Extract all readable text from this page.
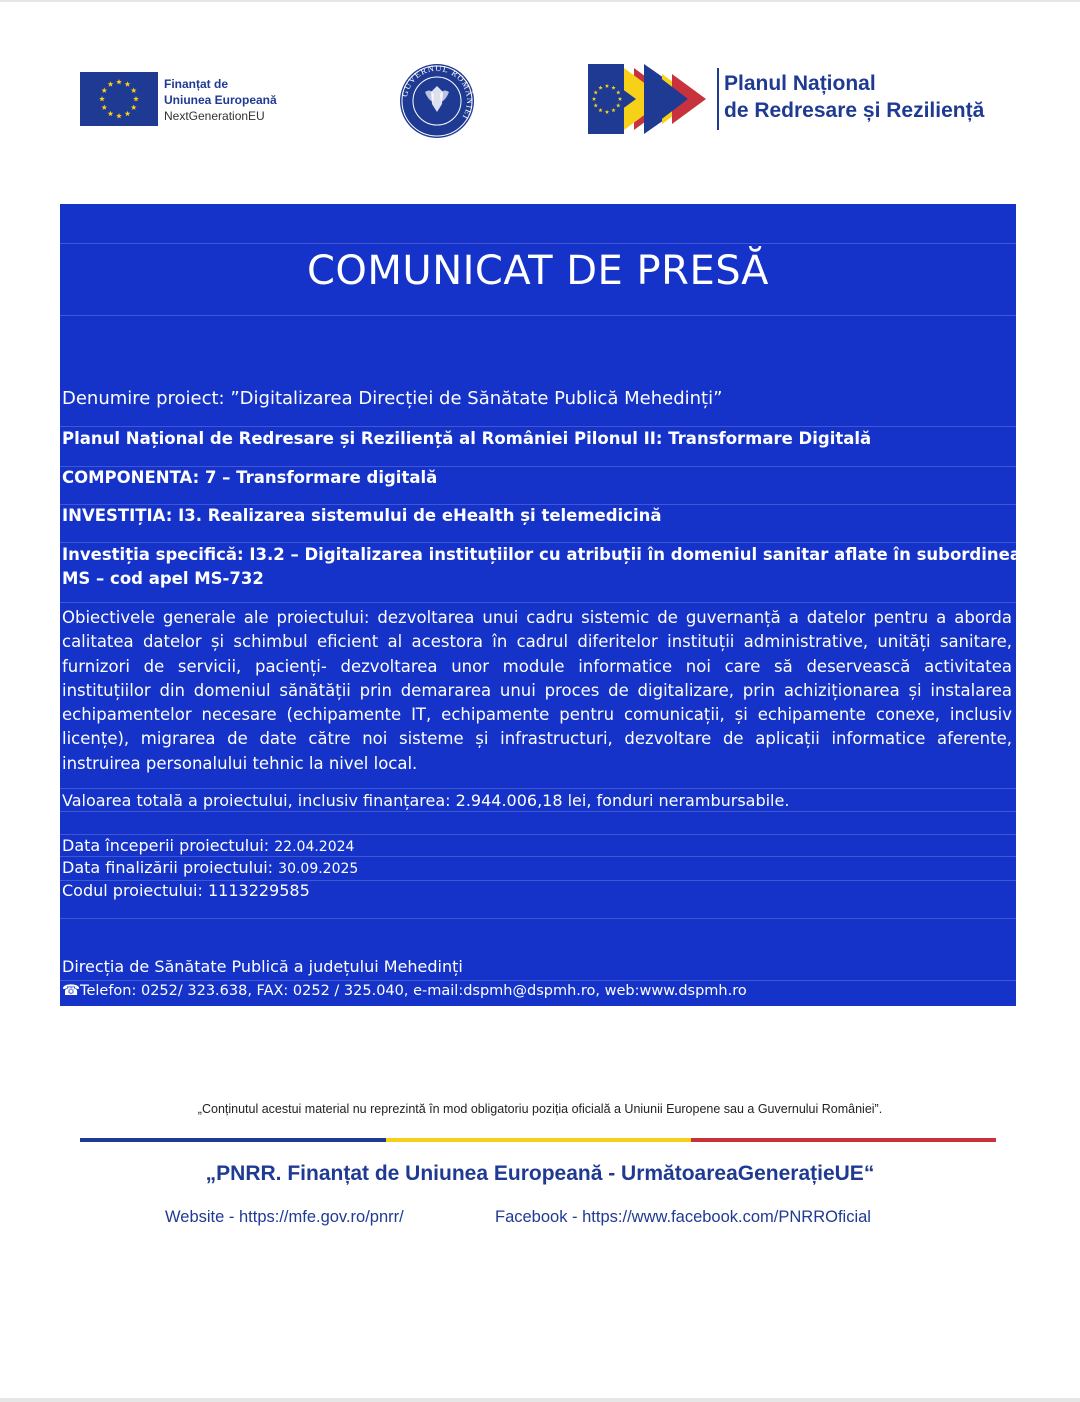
Finanțat de
Uniunea Europeană
NextGenerationEU
GUVERNUL ROMÂNIEI
Planul Național
de Redresare și Reziliență
COMUNICAT DE PRESĂ
Denumire proiect: ”Digitalizarea Direcției de Sănătate Publică Mehedinți”
Planul Național de Redresare și Reziliență al României Pilonul II: Transformare Digitală
COMPONENTA: 7 – Transformare digitală
INVESTIȚIA: I3. Realizarea sistemului de eHealth și telemedicină
Investiția specifică: I3.2 – Digitalizarea instituțiilor cu atribuții în domeniul sanitar aflate în subordinea
MS – cod apel MS-732
Obiectivele generale ale proiectului: dezvoltarea unui cadru sistemic de guvernanță a datelor pentru a aborda
calitatea datelor și schimbul eficient al acestora în cadrul diferitelor instituții administrative, unități sanitare,
furnizori de servicii, pacienți- dezvoltarea unor module informatice noi care să deservească activitatea
instituțiilor din domeniul sănătății prin demararea unui proces de digitalizare, prin achiziționarea și instalarea
echipamentelor necesare (echipamente IT, echipamente pentru comunicații, și echipamente conexe, inclusiv
licențe), migrarea de date către noi sisteme și infrastructuri, dezvoltare de aplicații informatice aferente,
instruirea personalului tehnic la nivel local.
Valoarea totală a proiectului, inclusiv finanțarea: 2.944.006,18 lei, fonduri nerambursabile.
Data începerii proiectului: 22.04.2024
Data finalizării proiectului: 30.09.2025
Codul proiectului: 1113229585
Direcția de Sănătate Publică a județului Mehedinți
☎Telefon: 0252/ 323.638, FAX: 0252 / 325.040, e-mail:dspmh@dspmh.ro, web:www.dspmh.ro
„Conținutul acestui material nu reprezintă în mod obligatoriu poziția oficială a Uniunii Europene sau a Guvernului României”.
„PNRR. Finanțat de Uniunea Europeană - UrmătoareaGenerațieUE“
Website - https://mfe.gov.ro/pnrr/	Facebook - https://www.facebook.com/PNRROficial
